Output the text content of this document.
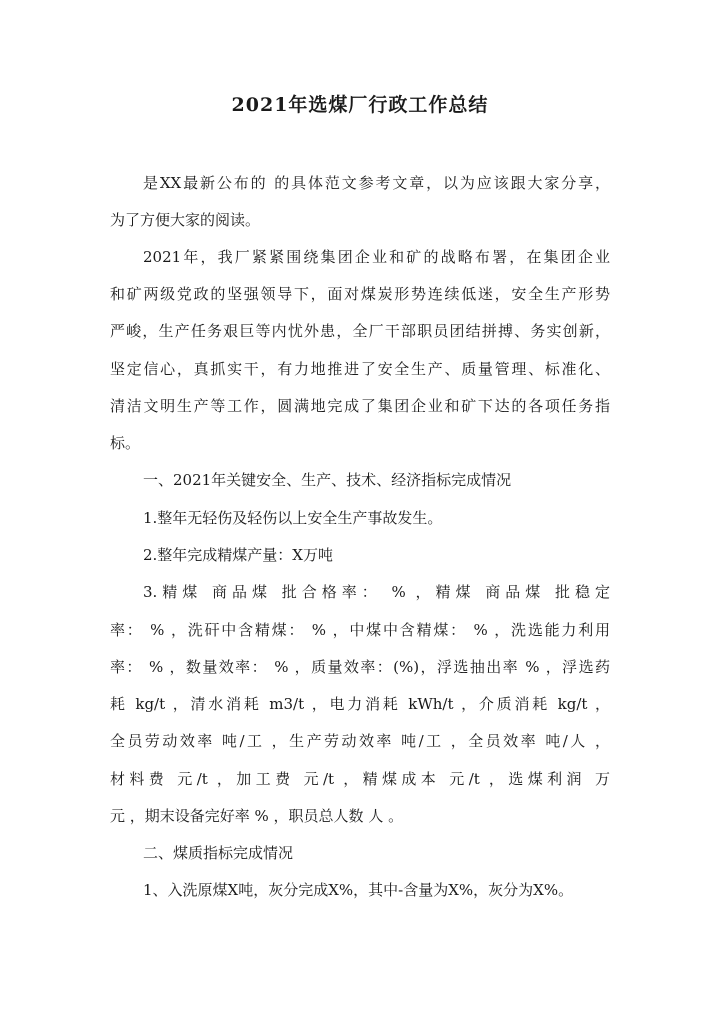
2021年选煤厂行政工作总结
是XX最新公布的 的具体范文参考文章，以为应该跟大家分享，
为了方便大家的阅读。
2021年，我厂紧紧围绕集团企业和矿的战略布署，在集团企业
和矿两级党政的坚强领导下，面对煤炭形势连续低迷，安全生产形势
严峻，生产任务艰巨等内忧外患，全厂干部职员团结拼搏、务实创新，
坚定信心，真抓实干，有力地推进了安全生产、质量管理、标准化、
清洁文明生产等工作，圆满地完成了集团企业和矿下达的各项任务指
标。
一、2021年关键安全、生产、技术、经济指标完成情况
1.整年无轻伤及轻伤以上安全生产事故发生。
2.整年完成精煤产量：X万吨
3.精煤 商品煤 批合格率： % ，精煤 商品煤 批稳定
率： % ，洗矸中含精煤： % ，中煤中含精煤： % ，洗选能力利用
率： % ，数量效率： % ，质量效率：(%)，浮选抽出率 % ，浮选药
耗 kg/t ，清水消耗 m3/t ，电力消耗 kWh/t ，介质消耗 kg/t ，
全员劳动效率 吨/工 ，生产劳动效率 吨/工 ，全员效率 吨/人 ，
材料费 元/t ，加工费 元/t ，精煤成本 元/t ，选煤利润 万
元 ，期末设备完好率 % ，职员总人数 人 。
二、煤质指标完成情况
1、入洗原煤X吨，灰分完成X%，其中-含量为X%，灰分为X%。
